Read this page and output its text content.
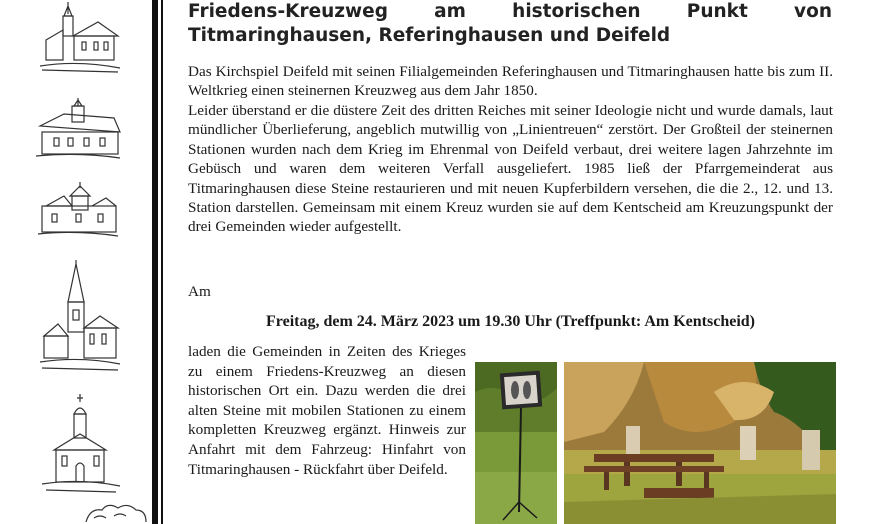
Friedens-Kreuzweg am historischen Punkt von
Titmaringhausen, Referinghausen und Deifeld

Das Kirchspiel Deifeld mit seinen Filialgemeinden Referinghausen und Titmaringhausen hatte bis zum II. Weltkrieg einen steinernen Kreuzweg aus dem Jahr 1850.

Leider überstand er die düstere Zeit des dritten Reiches mit seiner Ideologie nicht und wurde damals, laut mündlicher Überlieferung, angeblich mutwillig von „Linientreuen“ zerstört. Der Großteil der steinernen Stationen wurden nach dem Krieg im Ehrenmal von Deifeld verbaut, drei weitere lagen Jahrzehnte im Gebüsch und waren dem weiteren Verfall ausgeliefert. 1985 ließ der Pfarrgemeinderat aus Titmaringhausen diese Steine restaurieren und mit neuen Kupferbildern versehen, die die 2., 12. und 13. Station darstellen. Gemeinsam mit einem Kreuz wurden sie auf dem Kentscheid am Kreuzungspunkt der drei Gemeinden wieder aufgestellt.

Am

Freitag, dem 24. März 2023 um 19.30 Uhr (Treffpunkt: Am Kentscheid)

laden die Gemeinden in Zeiten des Krieges zu einem Friedens-Kreuzweg an diesen historischen Ort ein. Dazu werden die drei alten Steine mit mobilen Stationen zu einem kompletten Kreuzweg ergänzt. Hinweis zur Anfahrt mit dem Fahrzeug: Hinfahrt von Titmaringhausen - Rückfahrt über Deifeld.
